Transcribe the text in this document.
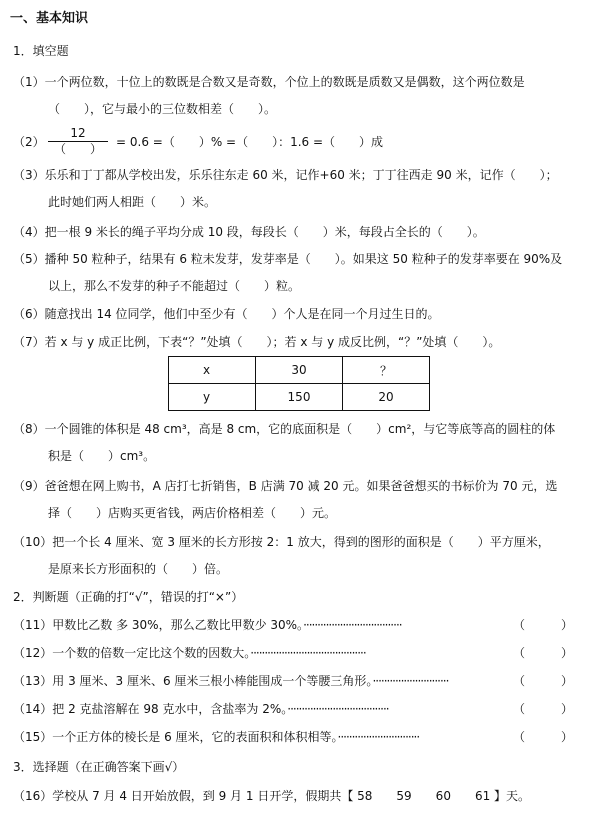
一、基本知识
1．填空题
（1）一个两位数，十位上的数既是合数又是奇数，个位上的数既是质数又是偶数，这个两位数是
（　　），它与最小的三位数相差（　　）。
（2）
12
（　　）	= 0.6 =（　　）% =（　　）：1.6 =（　　）成
（3）乐乐和丁丁都从学校出发，乐乐往东走 60 米，记作+60 米；丁丁往西走 90 米，记作（　　）；
此时她们两人相距（　　）米。
（4）把一根 9 米长的绳子平均分成 10 段，每段长（　　）米，每段占全长的（　　）。
（5）播种 50 粒种子，结果有 6 粒未发芽，发芽率是（　　）。如果这 50 粒种子的发芽率要在 90%及
以上，那么不发芽的种子不能超过（　　）粒。
（6）随意找出 14 位同学，他们中至少有（　　）个人是在同一个月过生日的。
（7）若 x 与 y 成正比例，下表“？”处填（　　）；若 x 与 y 成反比例，“？”处填（　　）。
x	30	？
y	150	20
（8）一个圆锥的体积是 48 cm³，高是 8 cm，它的底面积是（　　）cm²，与它等底等高的圆柱的体
积是（　　）cm³。
（9）爸爸想在网上购书，A 店打七折销售，B 店满 70 减 20 元。如果爸爸想买的书标价为 70 元，选
择（　　）店购买更省钱，两店价格相差（　　）元。
（10）把一个长 4 厘米、宽 3 厘米的长方形按 2：1 放大，得到的图形的面积是（　　）平方厘米，
是原来长方形面积的（　　）倍。
2．判断题（正确的打“√”，错误的打“×”）
（11）甲数比乙数 多 30%，那么乙数比甲数少 30%。···································	（　　　）
（12）一个数的倍数一定比这个数的因数大。·········································	（　　　）
（13）用 3 厘米、3 厘米、6 厘米三根小棒能围成一个等腰三角形。···························	（　　　）
（14）把 2 克盐溶解在 98 克水中，含盐率为 2%。····································	（　　　）
（15）一个正方体的棱长是 6 厘米，它的表面积和体积相等。·····························	（　　　）
3．选择题（在正确答案下画√）
（16）学校从 7 月 4 日开始放假，到 9 月 1 日开学，假期共【 58　　59　　60　　61 】天。
